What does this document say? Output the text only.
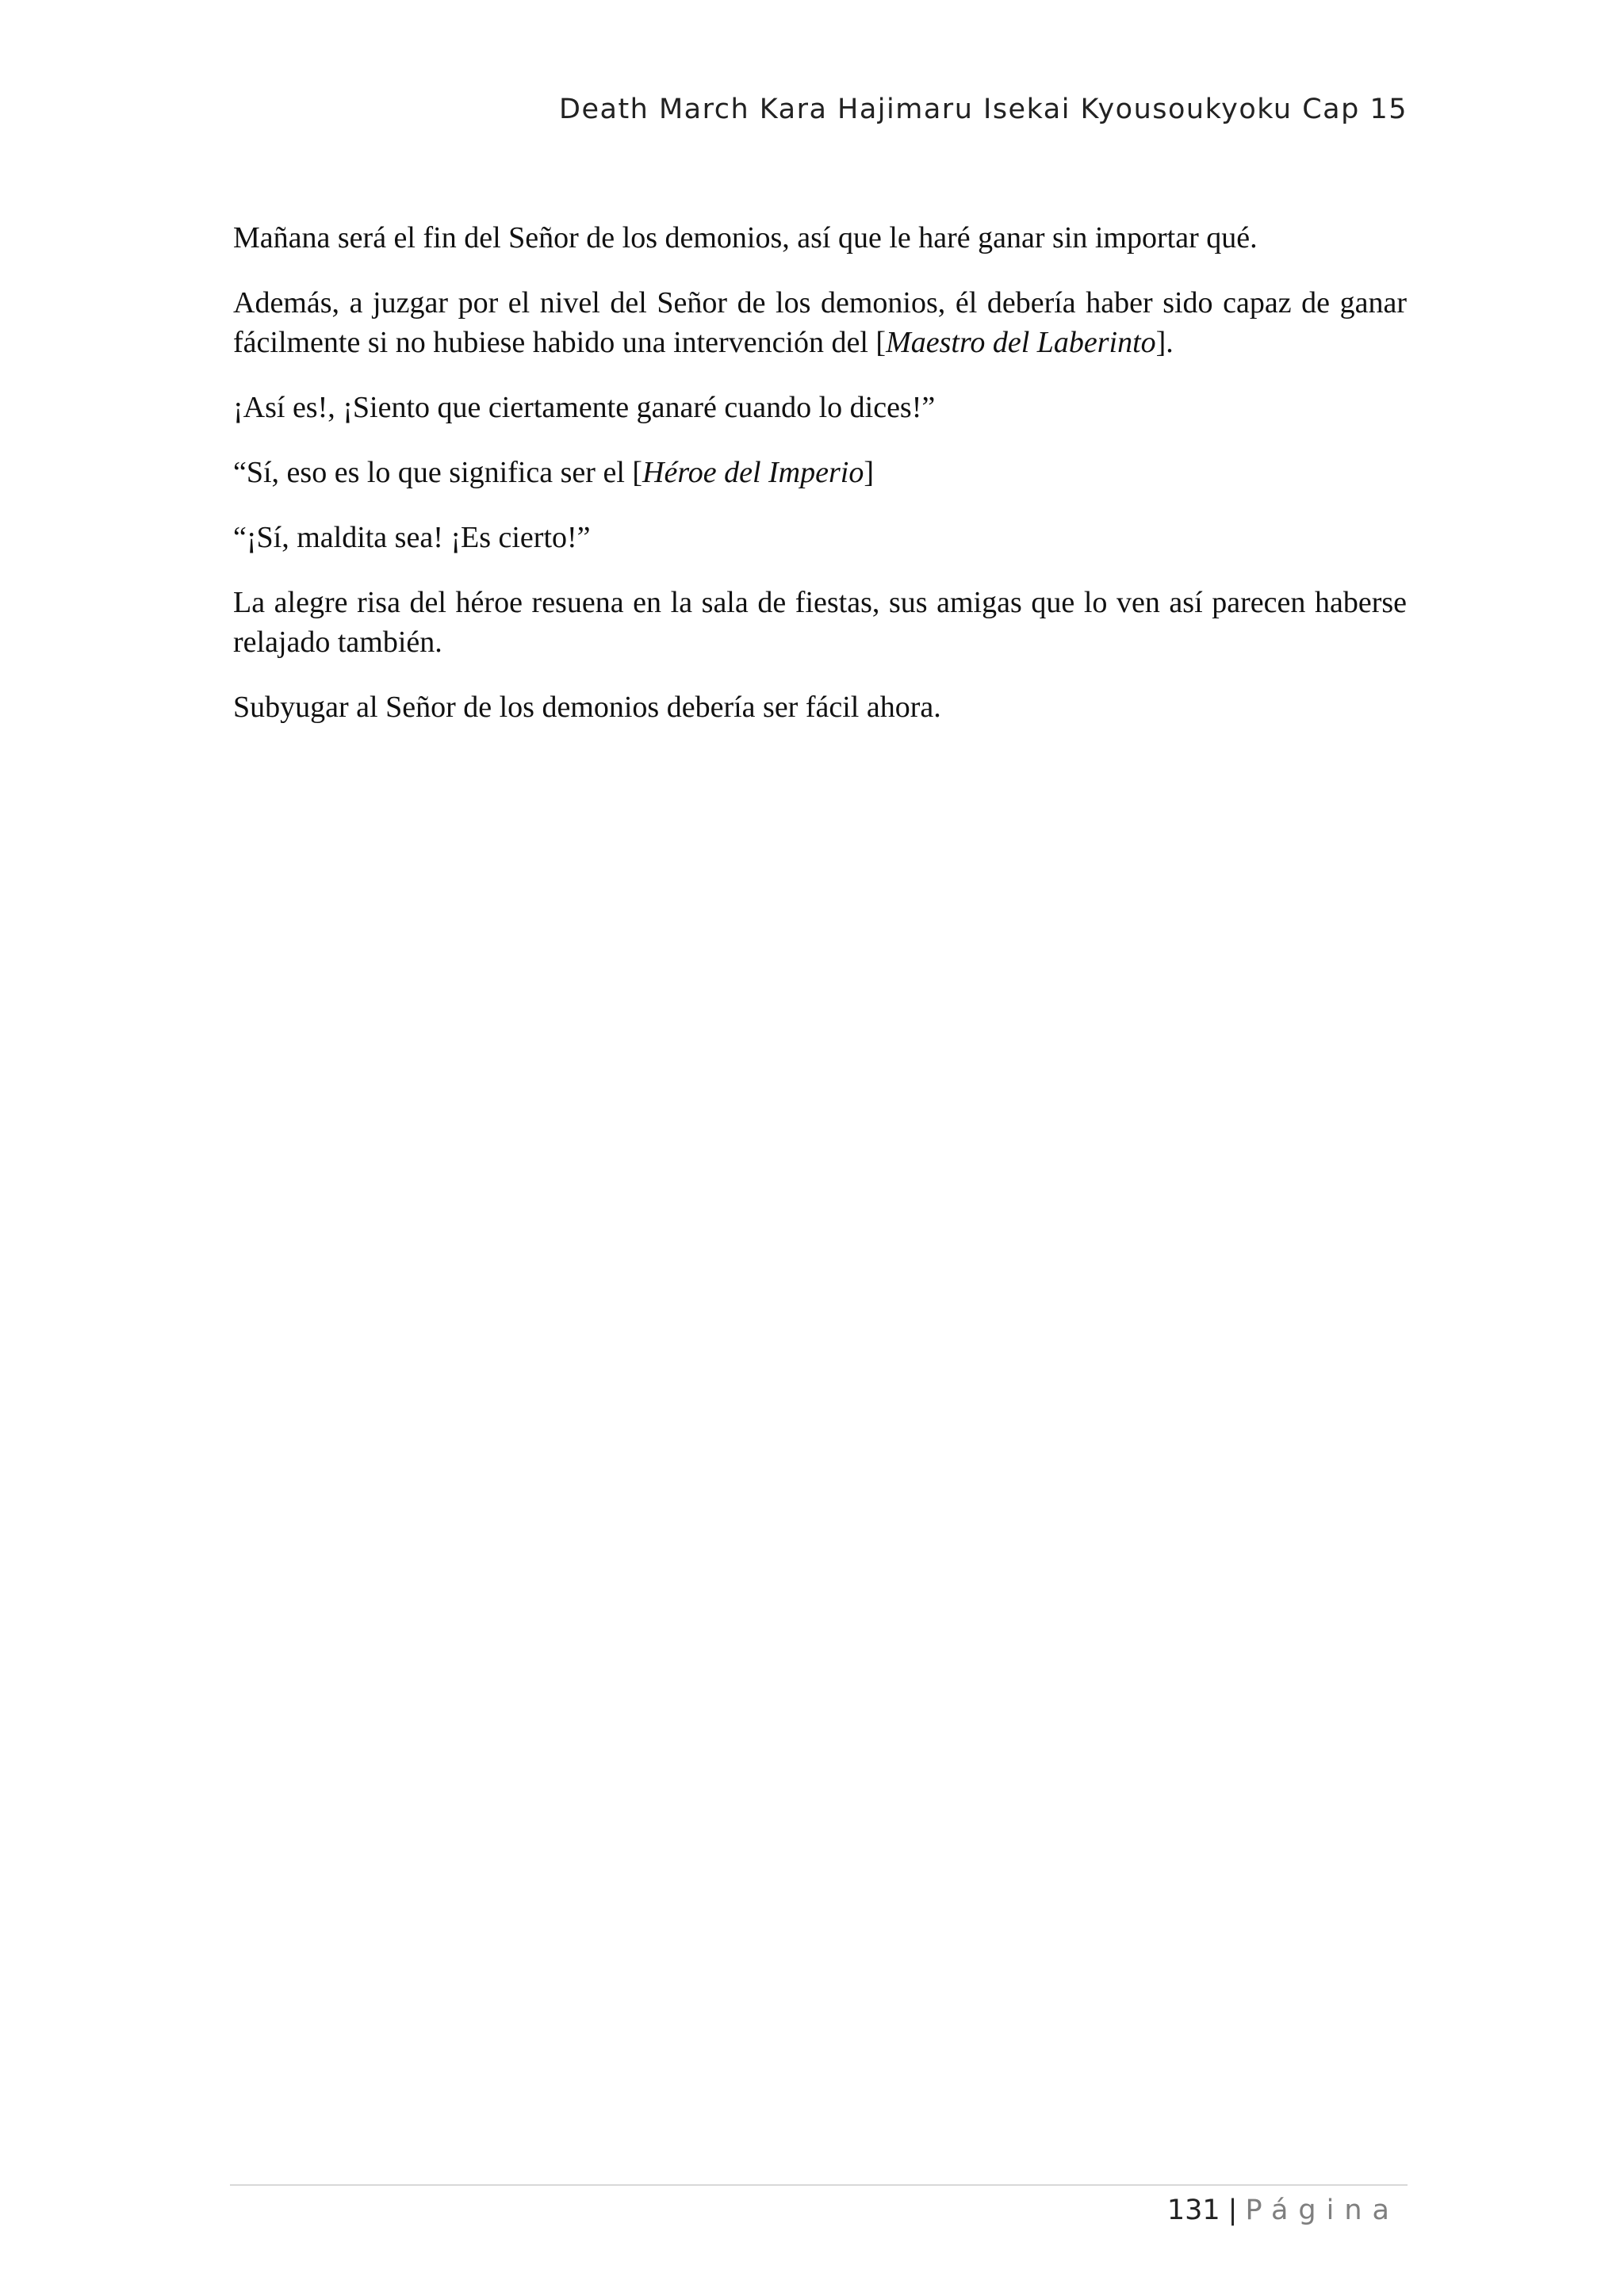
Death March Kara Hajimaru Isekai Kyousoukyoku Cap 15

Mañana será el fin del Señor de los demonios, así que le haré ganar sin importar qué.

Además, a juzgar por el nivel del Señor de los demonios, él debería haber sido capaz de ganar fácilmente si no hubiese habido una intervención del [Maestro del Laberinto].

¡Así es!, ¡Siento que ciertamente ganaré cuando lo dices!”

“Sí, eso es lo que significa ser el [Héroe del Imperio]

“¡Sí, maldita sea! ¡Es cierto!”

La alegre risa del héroe resuena en la sala de fiestas, sus amigas que lo ven así parecen haberse relajado también.

Subyugar al Señor de los demonios debería ser fácil ahora.

131 | Página
